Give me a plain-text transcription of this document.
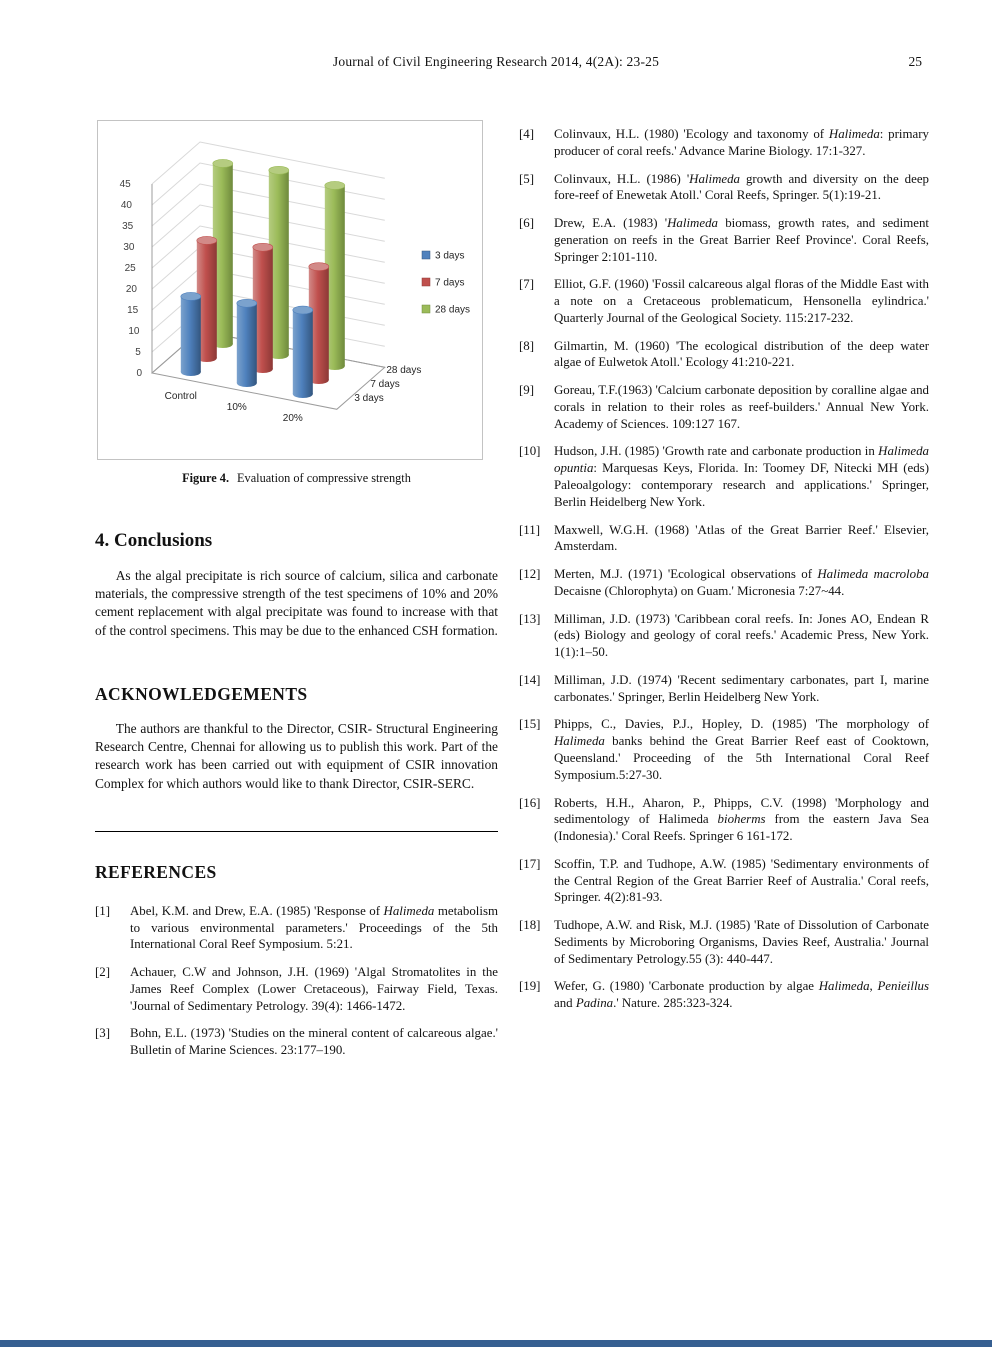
Journal of Civil Engineering Research 2014, 4(2A): 23-25	25
0
5
10
15
20
25
30
35
40
45
Control
10%
20%
3 days
7 days
28 days
3 days
7 days
28 days
Figure 4. Evaluation of compressive strength
4. Conclusions

As the algal precipitate is rich source of calcium, silica and carbonate materials, the compressive strength of the test specimens of 10% and 20% cement replacement with algal precipitate was found to increase with that of the control specimens. This may be due to the enhanced CSH formation.

ACKNOWLEDGEMENTS

The authors are thankful to the Director, CSIR- Structural Engineering Research Centre, Chennai for allowing us to publish this work. Part of the research work has been carried out with equipment of CSIR innovation Complex for which authors would like to thank Director, CSIR-SERC.

REFERENCES
[1]	Abel, K.M. and Drew, E.A. (1985) 'Response of Halimeda metabolism to various environmental parameters.' Proceedings of the 5th International Coral Reef Symposium. 5:21.
[2]	Achauer, C.W and Johnson, J.H. (1969) 'Algal Stromatolites in the James Reef Complex (Lower Cretaceous), Fairway Field, Texas. 'Journal of Sedimentary Petrology. 39(4): 1466-1472.
[3]	Bohn, E.L. (1973) 'Studies on the mineral content of calcareous algae.' Bulletin of Marine Sciences. 23:177–190.
[4]	Colinvaux, H.L. (1980) 'Ecology and taxonomy of Halimeda: primary producer of coral reefs.' Advance Marine Biology. 17:1-327.
[5]	Colinvaux, H.L. (1986) 'Halimeda growth and diversity on the deep fore-reef of Enewetak Atoll.' Coral Reefs, Springer. 5(1):19-21.
[6]	Drew, E.A. (1983) 'Halimeda biomass, growth rates, and sediment generation on reefs in the Great Barrier Reef Province'. Coral Reefs, Springer 2:101-110.
[7]	Elliot, G.F. (1960) 'Fossil calcareous algal floras of the Middle East with a note on a Cretaceous problematicum, Hensonella eylindrica.' Quarterly Journal of the Geological Society. 115:217-232.
[8]	Gilmartin, M. (1960) 'The ecological distribution of the deep water algae of Eulwetok Atoll.' Ecology 41:210-221.
[9]	Goreau, T.F.(1963) 'Calcium carbonate deposition by coralline algae and corals in relation to their roles as reef-builders.' Annual New York. Academy of Sciences. 109:127 167.
[10]	Hudson, J.H. (1985) 'Growth rate and carbonate production in Halimeda opuntia: Marquesas Keys, Florida. In: Toomey DF, Nitecki MH (eds) Paleoalgology: contemporary research and applications.' Springer, Berlin Heidelberg New York.
[11]	Maxwell, W.G.H. (1968) 'Atlas of the Great Barrier Reef.' Elsevier, Amsterdam.
[12]	Merten, M.J. (1971) 'Ecological observations of Halimeda macroloba Decaisne (Chlorophyta) on Guam.' Micronesia 7:27~44.
[13]	Milliman, J.D. (1973) 'Caribbean coral reefs. In: Jones AO, Endean R (eds) Biology and geology of coral reefs.' Academic Press, New York. 1(1):1–50.
[14]	Milliman, J.D. (1974) 'Recent sedimentary carbonates, part I, marine carbonates.' Springer, Berlin Heidelberg New York.
[15]	Phipps, C., Davies, P.J., Hopley, D. (1985) 'The morphology of Halimeda banks behind the Great Barrier Reef east of Cooktown, Queensland.' Proceeding of the 5th International Coral Reef Symposium.5:27-30.
[16]	Roberts, H.H., Aharon, P., Phipps, C.V. (1998) 'Morphology and sedimentology of Halimeda bioherms from the eastern Java Sea (Indonesia).' Coral Reefs. Springer 6 161-172.
[17]	Scoffin, T.P. and Tudhope, A.W. (1985) 'Sedimentary environments of the Central Region of the Great Barrier Reef of Australia.' Coral reefs, Springer. 4(2):81-93.
[18]	Tudhope, A.W. and Risk, M.J. (1985) 'Rate of Dissolution of Carbonate Sediments by Microboring Organisms, Davies Reef, Australia.' Journal of Sedimentary Petrology.55 (3): 440-447.
[19]	Wefer, G. (1980) 'Carbonate production by algae Halimeda, Penieillus and Padina.' Nature. 285:323-324.
